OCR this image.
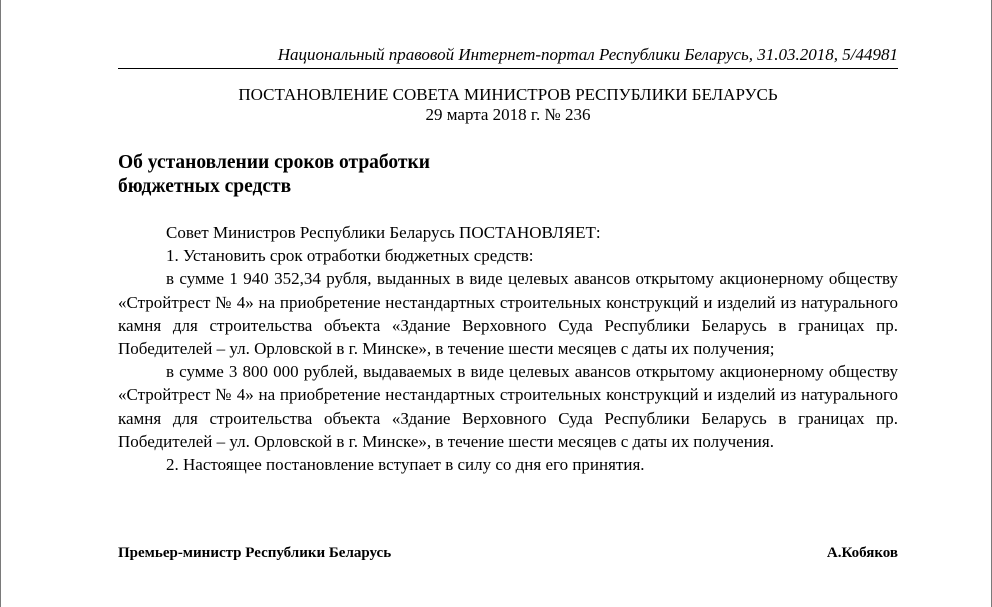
Национальный правовой Интернет-портал Республики Беларусь, 31.03.2018, 5/44981
ПОСТАНОВЛЕНИЕ СОВЕТА МИНИСТРОВ РЕСПУБЛИКИ БЕЛАРУСЬ
29 марта 2018 г. № 236
Об установлении сроков отработки
бюджетных средств

Совет Министров Республики Беларусь ПОСТАНОВЛЯЕТ:

1. Установить срок отработки бюджетных средств:

в сумме 1 940 352,34 рубля, выданных в виде целевых авансов открытому акционерному обществу «Стройтрест № 4» на приобретение нестандартных строительных конструкций и изделий из натурального камня для строительства объекта «Здание Верховного Суда Республики Беларусь в границах пр. Победителей – ул. Орловской в г. Минске», в течение шести месяцев с даты их получения;

в сумме 3 800 000 рублей, выдаваемых в виде целевых авансов открытому акционерному обществу «Стройтрест № 4» на приобретение нестандартных строительных конструкций и изделий из натурального камня для строительства объекта «Здание Верховного Суда Республики Беларусь в границах пр. Победителей – ул. Орловской в г. Минске», в течение шести месяцев с даты их получения.

2. Настоящее постановление вступает в силу со дня его принятия.

Премьер-министр Республики Беларусь	А.Кобяков
